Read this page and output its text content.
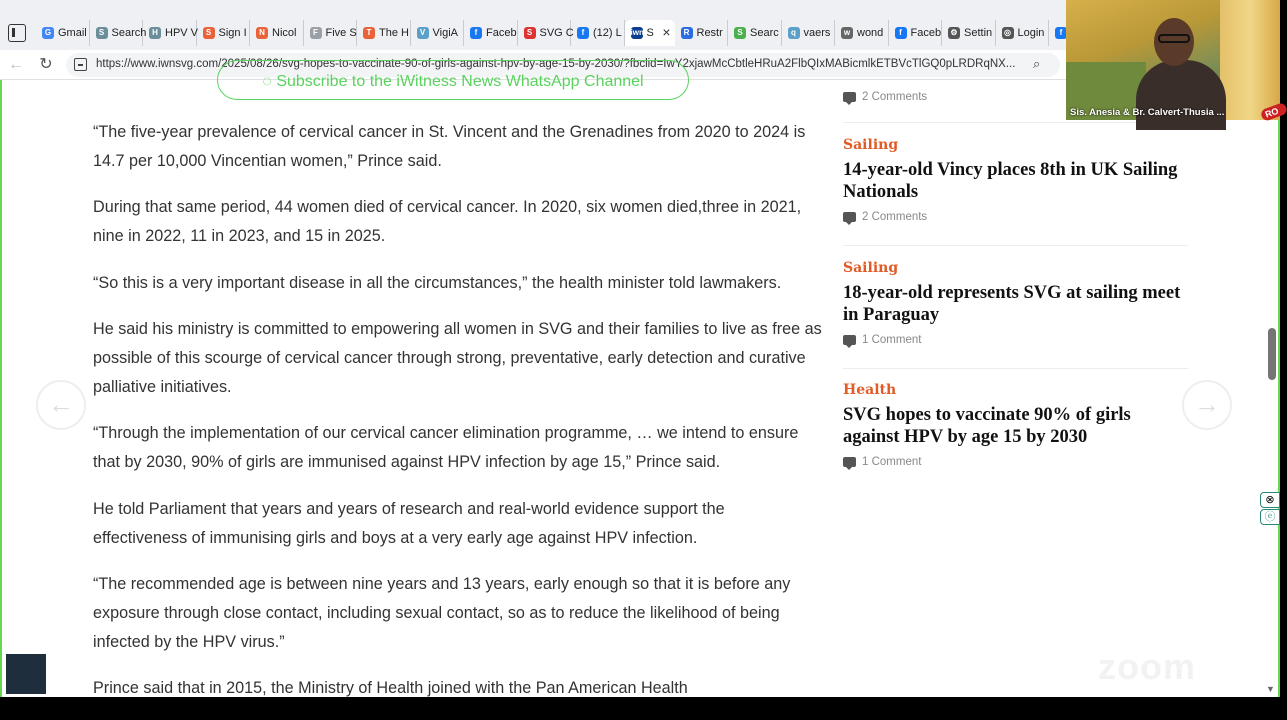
G Gmail	S Search H HPV V S Sign I	N Nicol	F Five S	T The H	V VigiA	f Faceb	S SVG C f (12) L iwn S ×	R Restr	S Searc	q vaers	w wond	f Faceb	⚙ Settin	◎ Login	f
← ↻	https://www.iwnsvg.com/2025/08/26/svg-hopes-to-vaccinate-90-of-girls-against-hpv-by-age-15-by-2030/?fbclid=IwY2xjawMcCbtleHRuA2FlbQIxMABicmlkETBVcTlGQ0pLRDRqNX...	⌕
◌ Subscribe to the iWitness News WhatsApp Channel

“The five-year prevalence of cervical cancer in St. Vincent and the Grenadines from 2020 to 2024 is 14.7 per 10,000 Vincentian women,” Prince said.

During that same period, 44 women died of cervical cancer. In 2020, six women died,three in 2021, nine in 2022, 11 in 2023, and 15 in 2025.

“So this is a very important disease in all the circumstances,” the health minister told lawmakers.

He said his ministry is committed to empowering all women in SVG and their families to live as free as possible of this scourge of cervical cancer through strong, preventative, early detection and curative palliative initiatives.

“Through the implementation of our cervical cancer elimination programme, … we intend to ensure that by 2030, 90% of girls are immunised against HPV infection by age 15,” Prince said.

He told Parliament that years and years of research and real-world evidence support the effectiveness of immunising girls and boys at a very early age against HPV infection.

“The recommended age is between nine years and 13 years, early enough so that it is before any exposure through close contact, including sexual contact, so as to reduce the likelihood of being infected by the HPV virus.”

Prince said that in 2015, the Ministry of Health joined with the Pan American Health

2 Comments
Sailing
14-year-old Vincy places 8th in UK Sailing Nationals
2 Comments
Sailing
18-year-old represents SVG at sailing meet in Paraguay
1 Comment
Health
SVG hopes to vaccinate 90% of girls against HPV by age 15 by 2030
1 Comment
←	→
▼
⊗
ⓔ
zoom
RO
Sis. Anesia & Br. Calvert-Thusia ...
